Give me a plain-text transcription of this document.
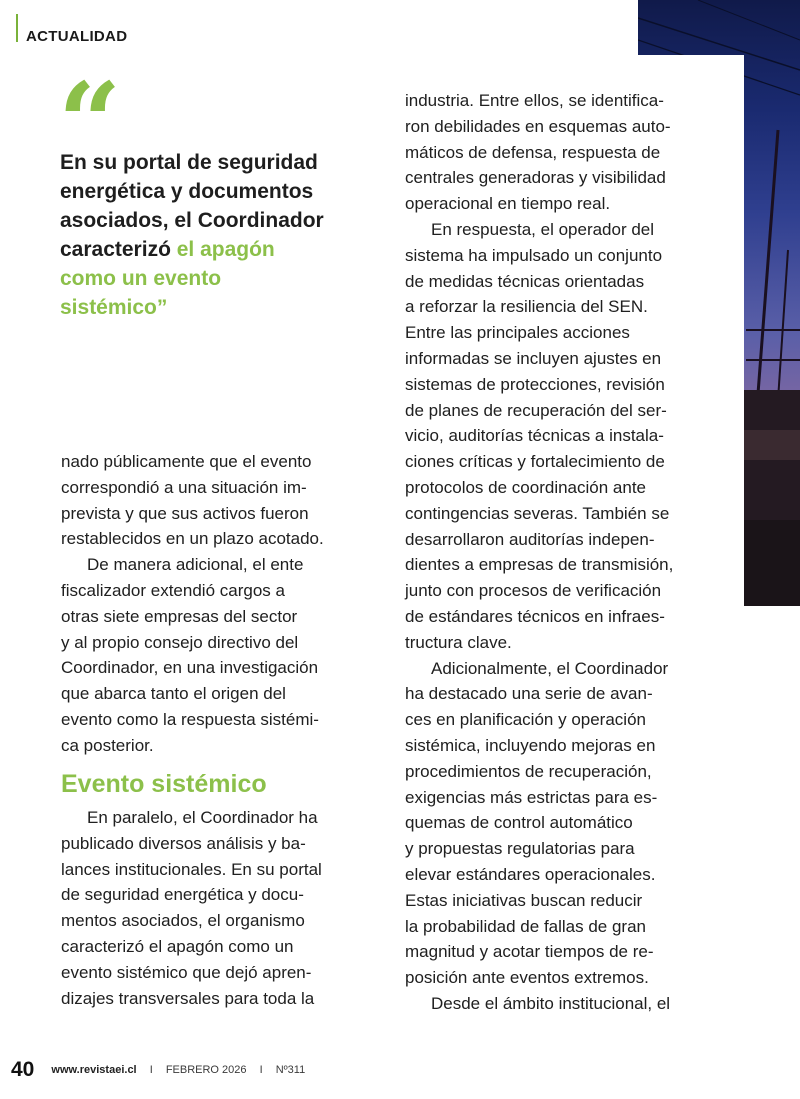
ACTUALIDAD
“

En su portal de seguridad energética y documentos asociados, el Coordinador caracterizó el apagón como un evento sistémico”

nado públicamente que el evento
correspondió a una situación im-
prevista y que sus activos fueron
restablecidos en un plazo acotado.

De manera adicional, el ente
fiscalizador extendió cargos a
otras siete empresas del sector
y al propio consejo directivo del
Coordinador, en una investigación
que abarca tanto el origen del
evento como la respuesta sistémi-
ca posterior.

Evento sistémico

En paralelo, el Coordinador ha
publicado diversos análisis y ba-
lances institucionales. En su portal
de seguridad energética y docu-
mentos asociados, el organismo
caracterizó el apagón como un
evento sistémico que dejó apren-
dizajes transversales para toda la

industria. Entre ellos, se identifica-
ron debilidades en esquemas auto-
máticos de defensa, respuesta de
centrales generadoras y visibilidad
operacional en tiempo real.

En respuesta, el operador del
sistema ha impulsado un conjunto
de medidas técnicas orientadas
a reforzar la resiliencia del SEN.
Entre las principales acciones
informadas se incluyen ajustes en
sistemas de protecciones, revisión
de planes de recuperación del ser-
vicio, auditorías técnicas a instala-
ciones críticas y fortalecimiento de
protocolos de coordinación ante
contingencias severas. También se
desarrollaron auditorías indepen-
dientes a empresas de transmisión,
junto con procesos de verificación
de estándares técnicos en infraes-
tructura clave.

Adicionalmente, el Coordinador
ha destacado una serie de avan-
ces en planificación y operación
sistémica, incluyendo mejoras en
procedimientos de recuperación,
exigencias más estrictas para es-
quemas de control automático
y propuestas regulatorias para
elevar estándares operacionales.
Estas iniciativas buscan reducir
la probabilidad de fallas de gran
magnitud y acotar tiempos de re-
posición ante eventos extremos.

Desde el ámbito institucional, el

40 www.revistaei.cl I FEBRERO 2026 I Nº311
